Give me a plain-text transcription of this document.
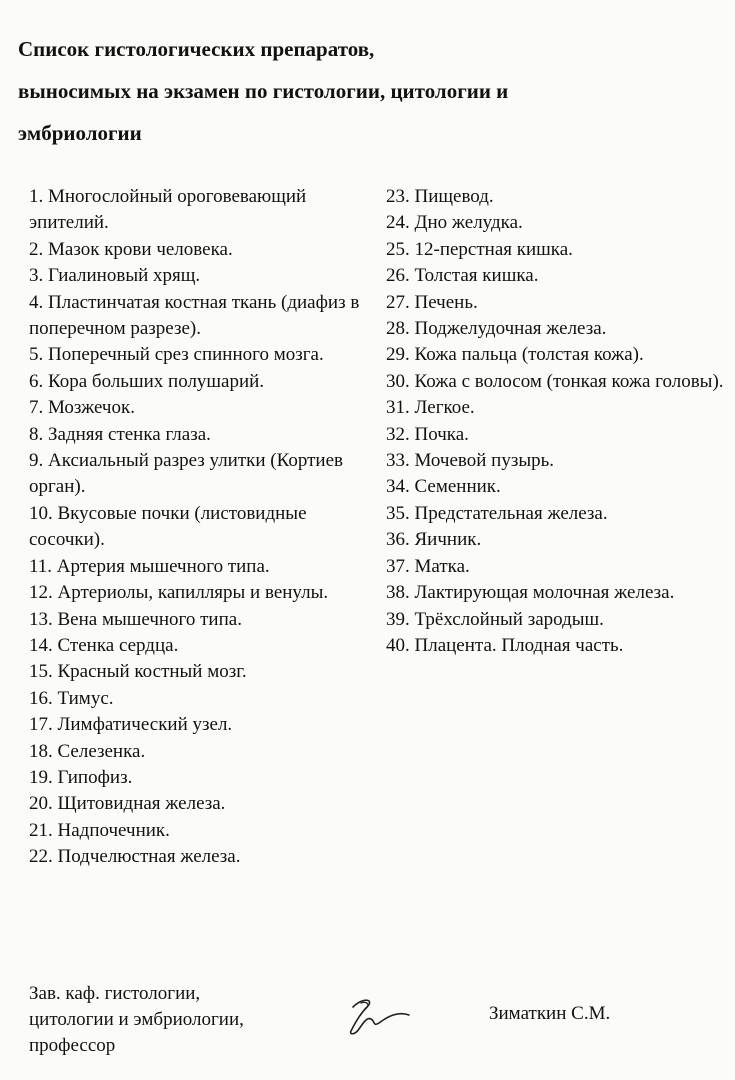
Список гистологических препаратов,
выносимых на экзамен по гистологии, цитологии и
эмбриологии
1. Многослойный ороговевающий эпителий.
2. Мазок крови человека.
3. Гиалиновый хрящ.
4. Пластинчатая костная ткань (диафиз в поперечном разрезе).
5. Поперечный срез спинного мозга.
6. Кора больших полушарий.
7. Мозжечок.
8. Задняя стенка глаза.
9. Аксиальный разрез улитки (Кортиев орган).
10. Вкусовые почки (листовидные сосочки).
11. Артерия мышечного типа.
12. Артериолы, капилляры и венулы.
13. Вена мышечного типа.
14. Стенка сердца.
15. Красный костный мозг.
16. Тимус.
17. Лимфатический узел.
18. Селезенка.
19. Гипофиз.
20. Щитовидная железа.
21. Надпочечник.
22. Подчелюстная железа.
23. Пищевод.
24. Дно желудка.
25. 12-перстная кишка.
26. Толстая кишка.
27. Печень.
28. Поджелудочная железа.
29. Кожа пальца (толстая кожа).
30. Кожа с волосом (тонкая кожа головы).
31. Легкое.
32. Почка.
33. Мочевой пузырь.
34. Семенник.
35. Предстательная железа.
36. Яичник.
37. Матка.
38. Лактирующая молочная железа.
39. Трёхслойный зародыш.
40. Плацента. Плодная часть.
Зав. каф. гистологии,
цитологии и эмбриологии,
профессор
Зиматкин С.М.
